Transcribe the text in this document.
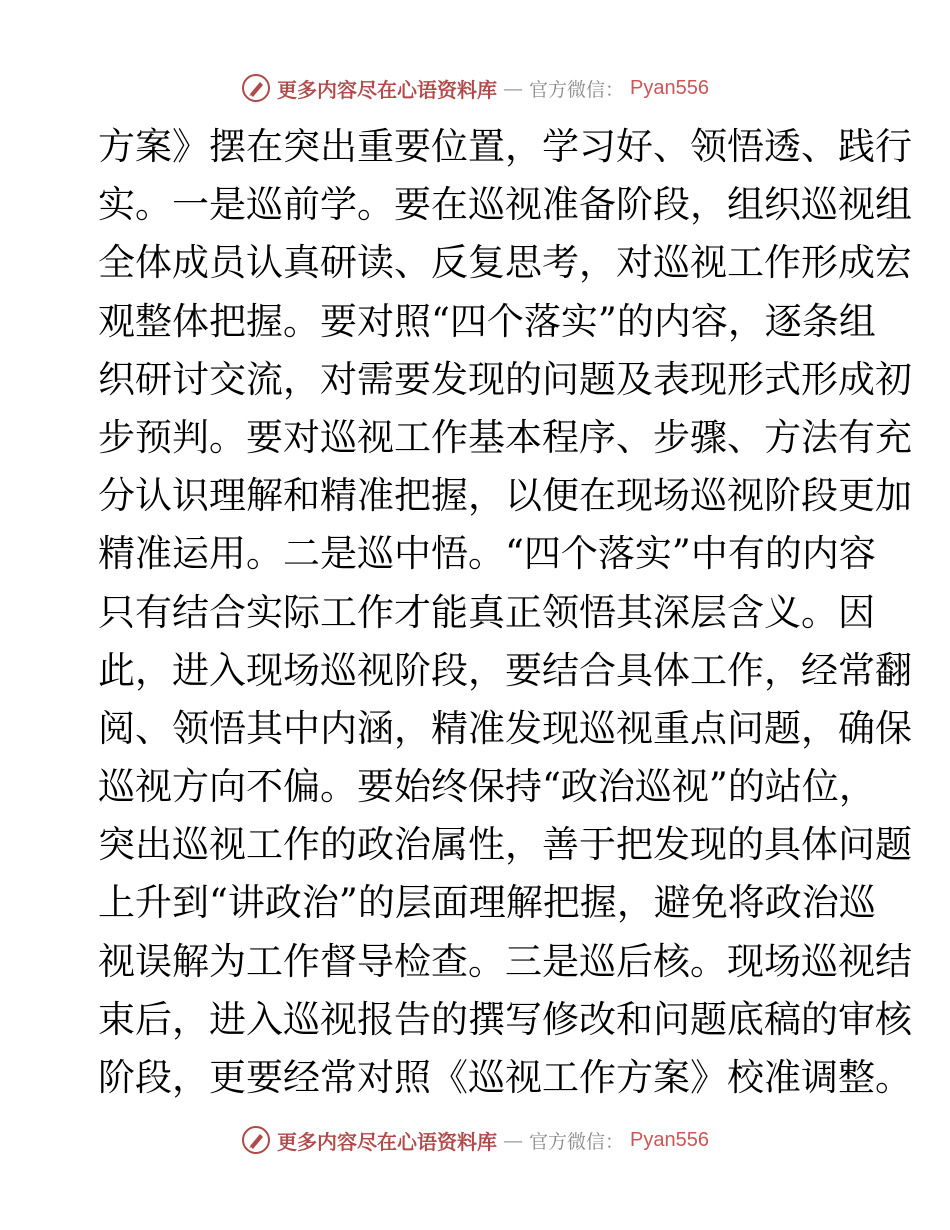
更多内容尽在心语资料库 — 官方微信： Pyan556
方案》摆在突出重要位置，学习好、领悟透、践行
实。一是巡前学。要在巡视准备阶段，组织巡视组
全体成员认真研读、反复思考，对巡视工作形成宏
观整体把握。要对照“四个落实”的内容，逐条组
织研讨交流，对需要发现的问题及表现形式形成初
步预判。要对巡视工作基本程序、步骤、方法有充
分认识理解和精准把握，以便在现场巡视阶段更加
精准运用。二是巡中悟。“四个落实”中有的内容
只有结合实际工作才能真正领悟其深层含义。因
此，进入现场巡视阶段，要结合具体工作，经常翻
阅、领悟其中内涵，精准发现巡视重点问题，确保
巡视方向不偏。要始终保持“政治巡视”的站位，
突出巡视工作的政治属性，善于把发现的具体问题
上升到“讲政治”的层面理解把握，避免将政治巡
视误解为工作督导检查。三是巡后核。现场巡视结
束后，进入巡视报告的撰写修改和问题底稿的审核
阶段，更要经常对照《巡视工作方案》校准调整。
更多内容尽在心语资料库 — 官方微信： Pyan556
